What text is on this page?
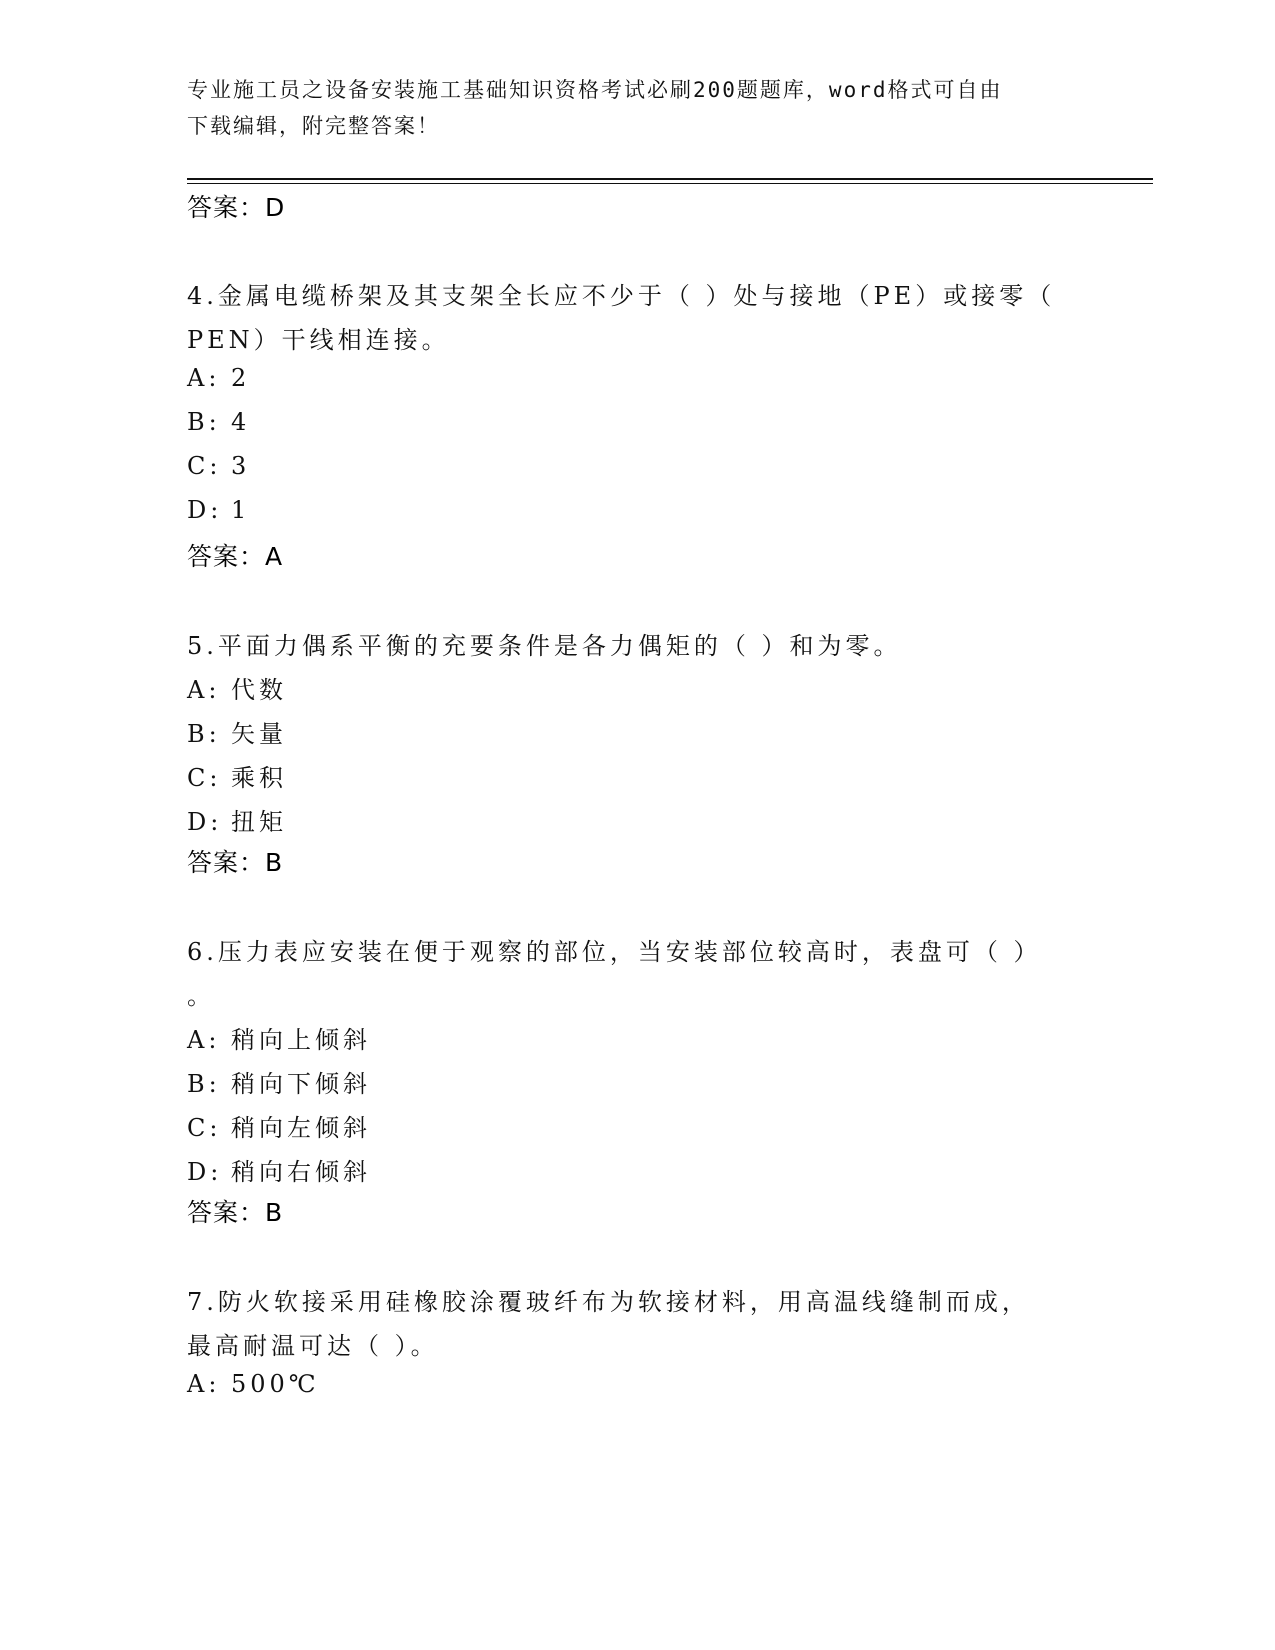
专业施工员之设备安装施工基础知识资格考试必刷200题题库，word格式可自由
下载编辑，附完整答案！
答案：D
4.金属电缆桥架及其支架全长应不少于（ ）处与接地（PE）或接零（
PEN）干线相连接。
A: 2
B: 4
C: 3
D: 1
答案：A
5.平面力偶系平衡的充要条件是各力偶矩的（ ）和为零。
A: 代数
B: 矢量
C: 乘积
D: 扭矩
答案：B
6.压力表应安装在便于观察的部位，当安装部位较高时，表盘可（ ）
。
A: 稍向上倾斜
B: 稍向下倾斜
C: 稍向左倾斜
D: 稍向右倾斜
答案：B
7.防火软接采用硅橡胶涂覆玻纤布为软接材料，用高温线缝制而成，
最高耐温可达（ ）。
A: 500℃
